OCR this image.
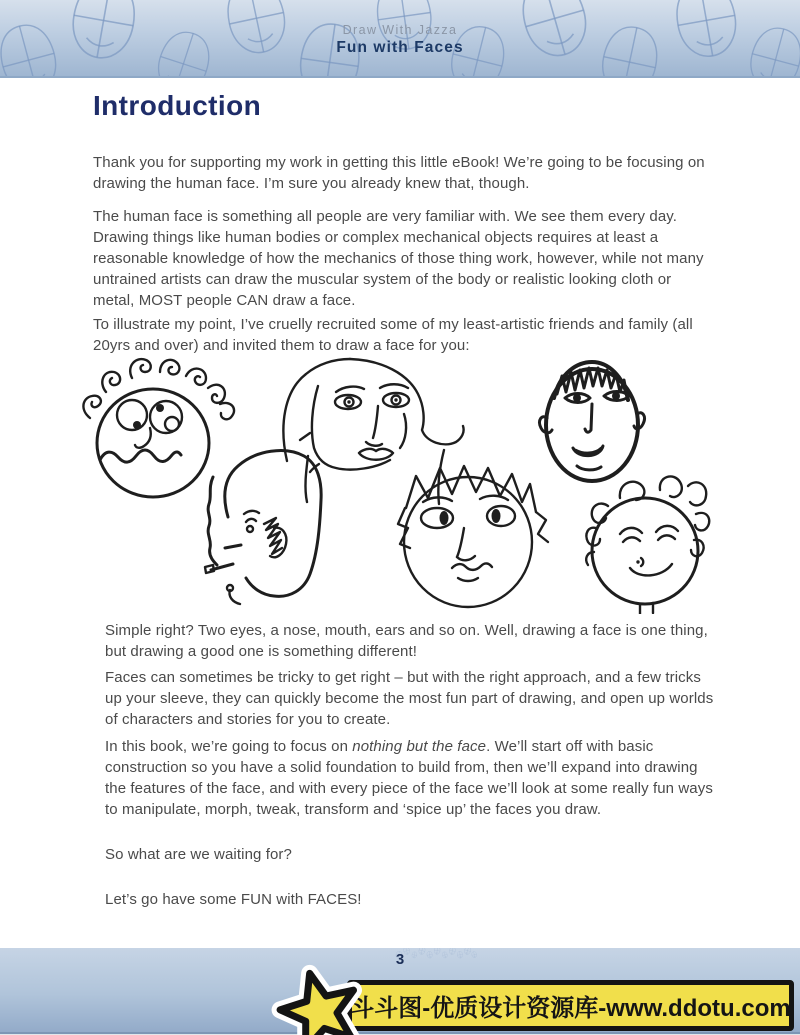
Draw With Jazza
Fun with Faces
Introduction

Thank you for supporting my work in getting this little eBook! We’re going to be focusing on drawing the human face. I’m sure you already knew that, though.

The human face is something all people are very familiar with. We see them every day. Drawing things like human bodies or complex mechanical objects requires at least a reasonable knowledge of how the mechanics of those thing work, however, while not many untrained artists can draw the muscular system of the body or realistic looking cloth or metal, MOST people CAN draw a face.

To illustrate my point, I’ve cruelly recruited some of my least-artistic friends and family (all 20yrs and over) and invited them to draw a face for you:

Simple right? Two eyes, a nose, mouth, ears and so on. Well, drawing a face is one thing, but drawing a good one is something different!

Faces can sometimes be tricky to get right – but with the right approach, and a few tricks up your sleeve, they can quickly become the most fun part of drawing, and open up worlds of characters and stories for you to create.

In this book, we’re going to focus on nothing but the face. We’ll start off with basic construction so you have a solid foundation to build from, then we’ll expand into drawing the features of the face, and with every piece of the face we’ll look at some really fun ways to manipulate, morph, tweak, transform and ‘spice up’ the faces you draw.

So what are we waiting for?

Let’s go have some FUN with FACES!

3
斗斗图-优质设计资源库-www.ddotu.com
